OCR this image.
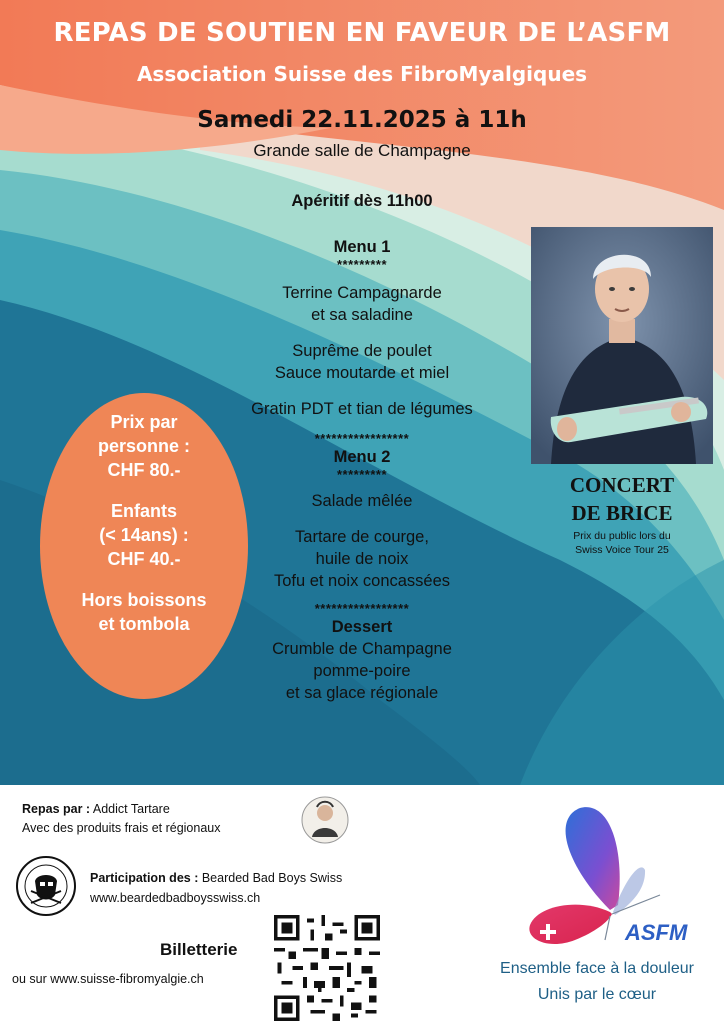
REPAS DE SOUTIEN EN FAVEUR DE L’ASFM
Association Suisse des FibroMyalgiques
Samedi 22.11.2025 à 11h
Grande salle de Champagne
Apéritif dès 11h00
Menu 1
*********
Terrine Campagnarde
et sa saladine
Suprême de poulet
Sauce moutarde et miel
Gratin PDT et tian de légumes
*****************
Menu 2
*********
Salade mêlée
Tartare de courge,
huile de noix
Tofu et noix concassées
*****************
Dessert
Crumble de Champagne
pomme-poire
et sa glace régionale
Prix par
personne :
CHF 80.-
Enfants
(< 14ans) :
CHF 40.-
Hors boissons
et tombola
CONCERT
DE BRICE
Prix du public lors du
Swiss Voice Tour 25
Repas par : Addict Tartare
Avec des produits frais et régionaux
Participation des : Bearded Bad Boys Swiss
www.beardedbadboysswiss.ch
Billetterie
ou sur www.suisse-fibromyalgie.ch
ASFM
Ensemble face à la douleur
Unis par le cœur
